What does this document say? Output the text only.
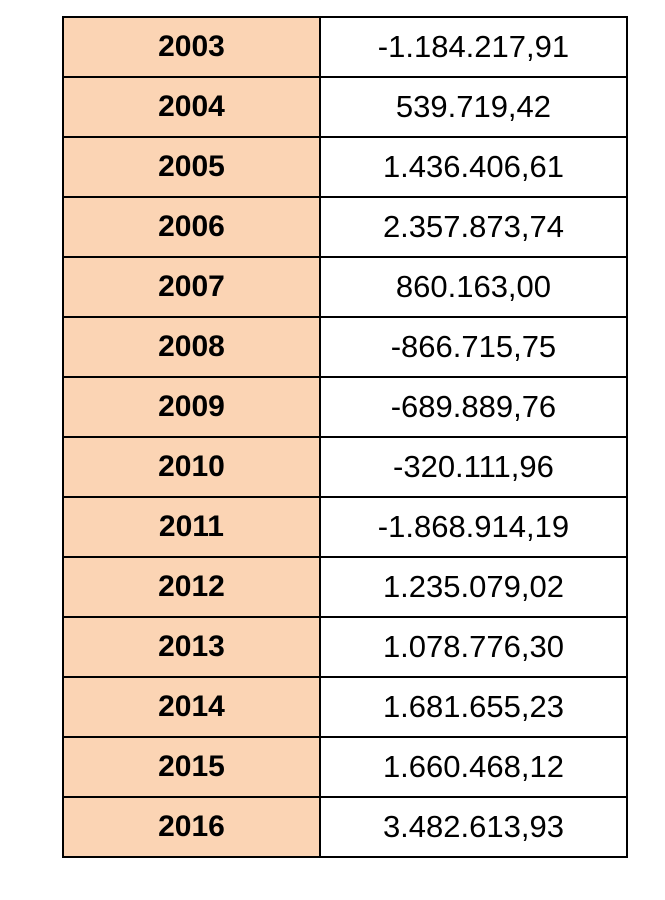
2003	-1.184.217,91
2004	539.719,42
2005	1.436.406,61
2006	2.357.873,74
2007	860.163,00
2008	-866.715,75
2009	-689.889,76
2010	-320.111,96
2011	-1.868.914,19
2012	1.235.079,02
2013	1.078.776,30
2014	1.681.655,23
2015	1.660.468,12
2016	3.482.613,93
